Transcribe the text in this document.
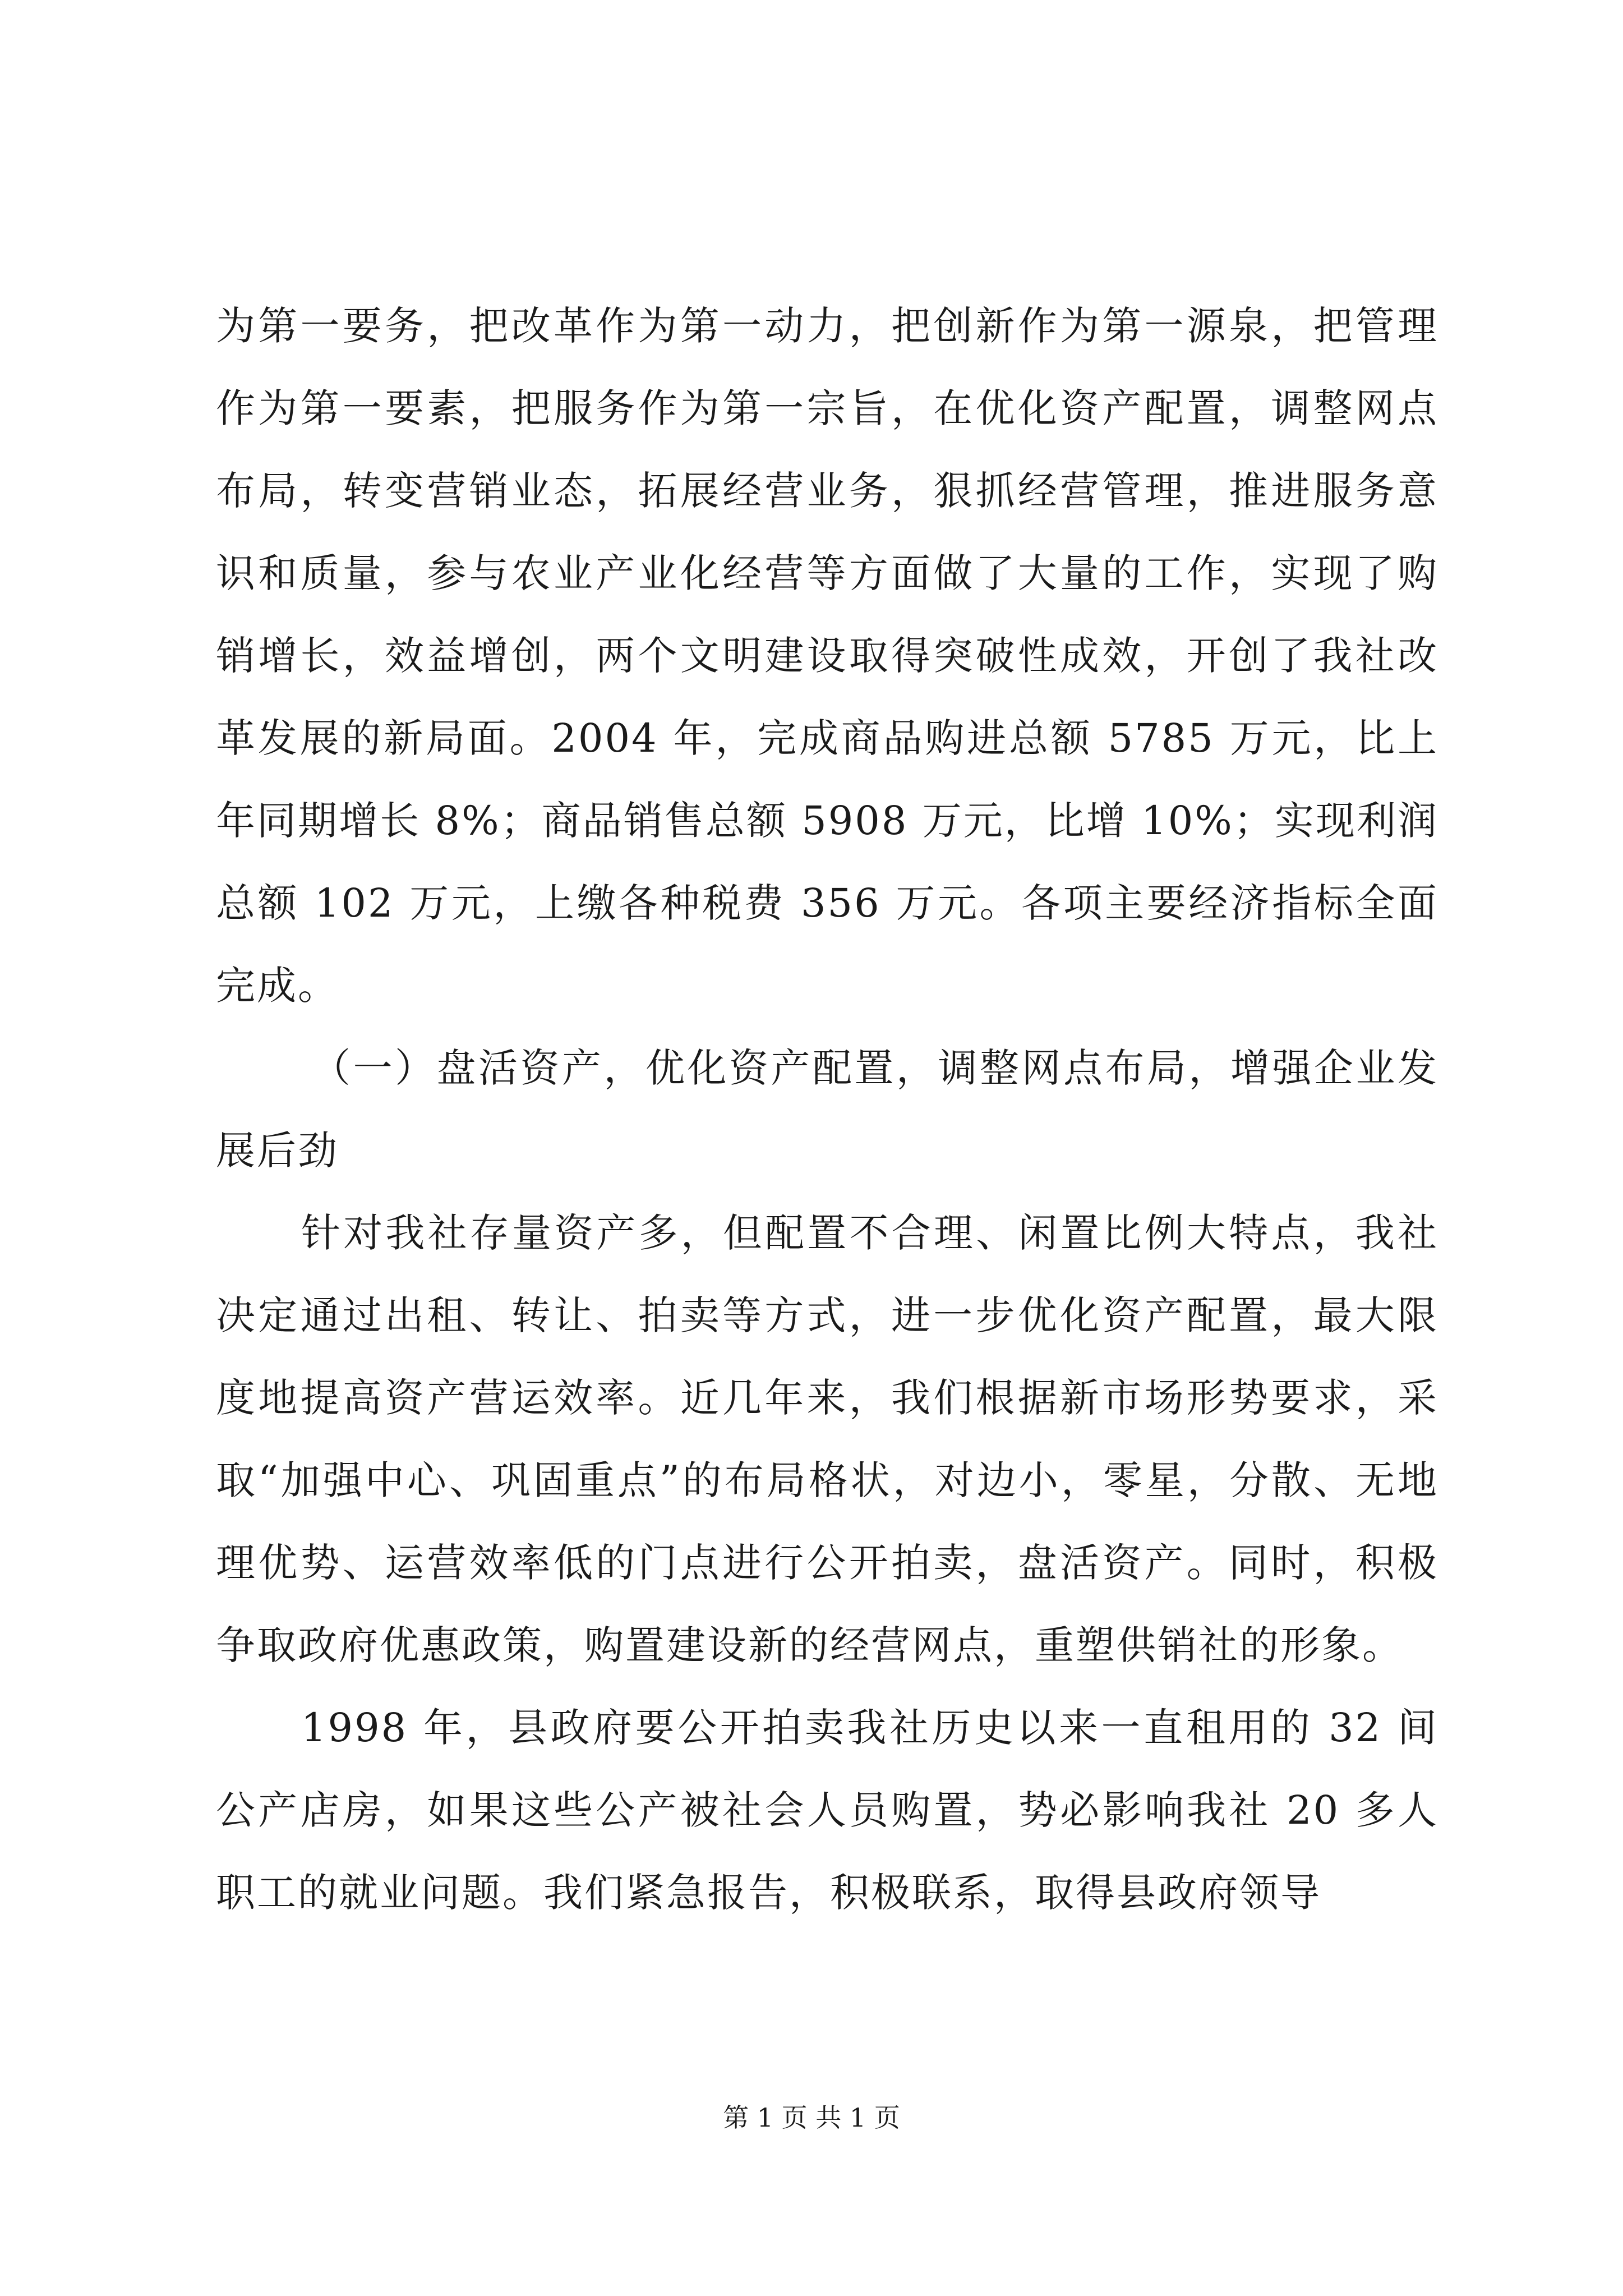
为第一要务，把改革作为第一动力，把创新作为第一源泉，把管理作为第一要素，把服务作为第一宗旨，在优化资产配置，调整网点布局，转变营销业态，拓展经营业务，狠抓经营管理，推进服务意识和质量，参与农业产业化经营等方面做了大量的工作，实现了购销增长，效益增创，两个文明建设取得突破性成效，开创了我社改革发展的新局面。2004 年，完成商品购进总额 5785 万元，比上年同期增长 8%；商品销售总额 5908 万元，比增 10%；实现利润总额 102 万元，上缴各种税费 356 万元。各项主要经济指标全面完成。

（一）盘活资产，优化资产配置，调整网点布局，增强企业发展后劲

针对我社存量资产多，但配置不合理、闲置比例大特点，我社决定通过出租、转让、拍卖等方式，进一步优化资产配置，最大限度地提高资产营运效率。近几年来，我们根据新市场形势要求，采取“加强中心、巩固重点”的布局格状，对边小，零星，分散、无地理优势、运营效率低的门点进行公开拍卖，盘活资产。同时，积极争取政府优惠政策，购置建设新的经营网点，重塑供销社的形象。

1998 年，县政府要公开拍卖我社历史以来一直租用的 32 间公产店房，如果这些公产被社会人员购置，势必影响我社 20 多人职工的就业问题。我们紧急报告，积极联系，取得县政府领导

第 1 页 共 1 页
